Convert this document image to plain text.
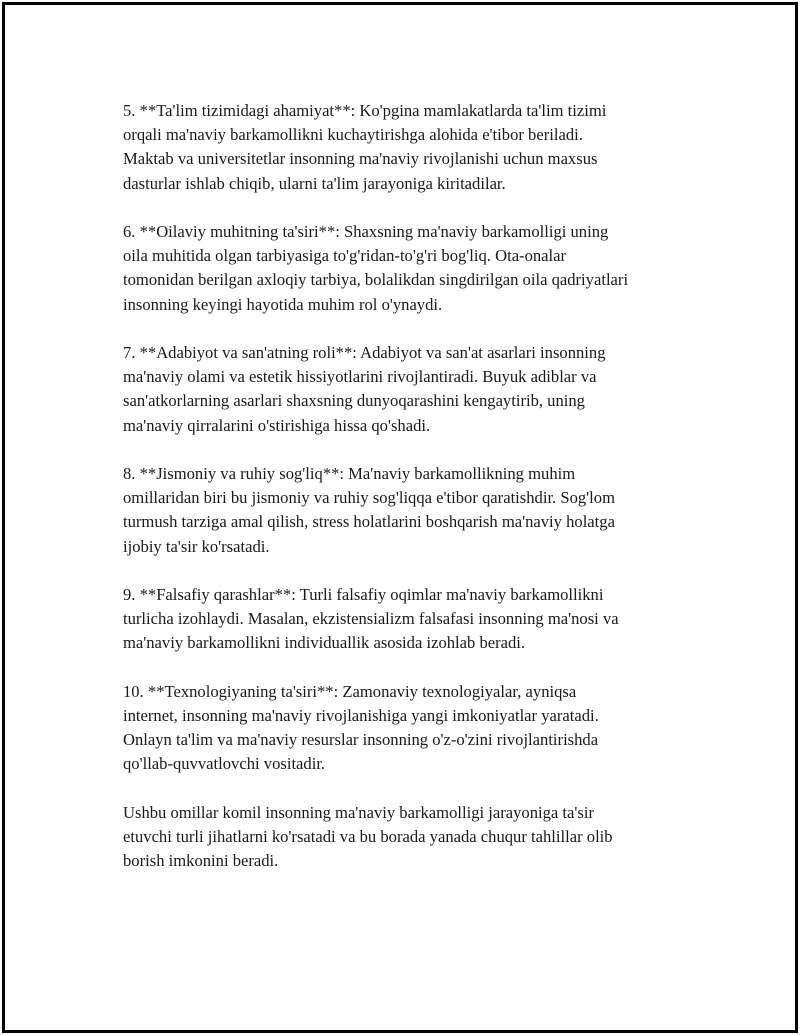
5. **Ta'lim tizimidagi ahamiyat**: Ko'pgina mamlakatlarda ta'lim tizimi
orqali ma'naviy barkamollikni kuchaytirishga alohida e'tibor beriladi.
Maktab va universitetlar insonning ma'naviy rivojlanishi uchun maxsus
dasturlar ishlab chiqib, ularni ta'lim jarayoniga kiritadilar.

6. **Oilaviy muhitning ta'siri**: Shaxsning ma'naviy barkamolligi uning
oila muhitida olgan tarbiyasiga to'g'ridan-to'g'ri bog'liq. Ota-onalar
tomonidan berilgan axloqiy tarbiya, bolalikdan singdirilgan oila qadriyatlari
insonning keyingi hayotida muhim rol o'ynaydi.

7. **Adabiyot va san'atning roli**: Adabiyot va san'at asarlari insonning
ma'naviy olami va estetik hissiyotlarini rivojlantiradi. Buyuk adiblar va
san'atkorlarning asarlari shaxsning dunyoqarashini kengaytirib, uning
ma'naviy qirralarini o'stirishiga hissa qo'shadi.

8. **Jismoniy va ruhiy sog'liq**: Ma'naviy barkamollikning muhim
omillaridan biri bu jismoniy va ruhiy sog'liqqa e'tibor qaratishdir. Sog'lom
turmush tarziga amal qilish, stress holatlarini boshqarish ma'naviy holatga
ijobiy ta'sir ko'rsatadi.

9. **Falsafiy qarashlar**: Turli falsafiy oqimlar ma'naviy barkamollikni
turlicha izohlaydi. Masalan, ekzistensializm falsafasi insonning ma'nosi va
ma'naviy barkamollikni individuallik asosida izohlab beradi.

10. **Texnologiyaning ta'siri**: Zamonaviy texnologiyalar, ayniqsa
internet, insonning ma'naviy rivojlanishiga yangi imkoniyatlar yaratadi.
Onlayn ta'lim va ma'naviy resurslar insonning o'z-o'zini rivojlantirishda
qo'llab-quvvatlovchi vositadir.

Ushbu omillar komil insonning ma'naviy barkamolligi jarayoniga ta'sir
etuvchi turli jihatlarni ko'rsatadi va bu borada yanada chuqur tahlillar olib
borish imkonini beradi.
